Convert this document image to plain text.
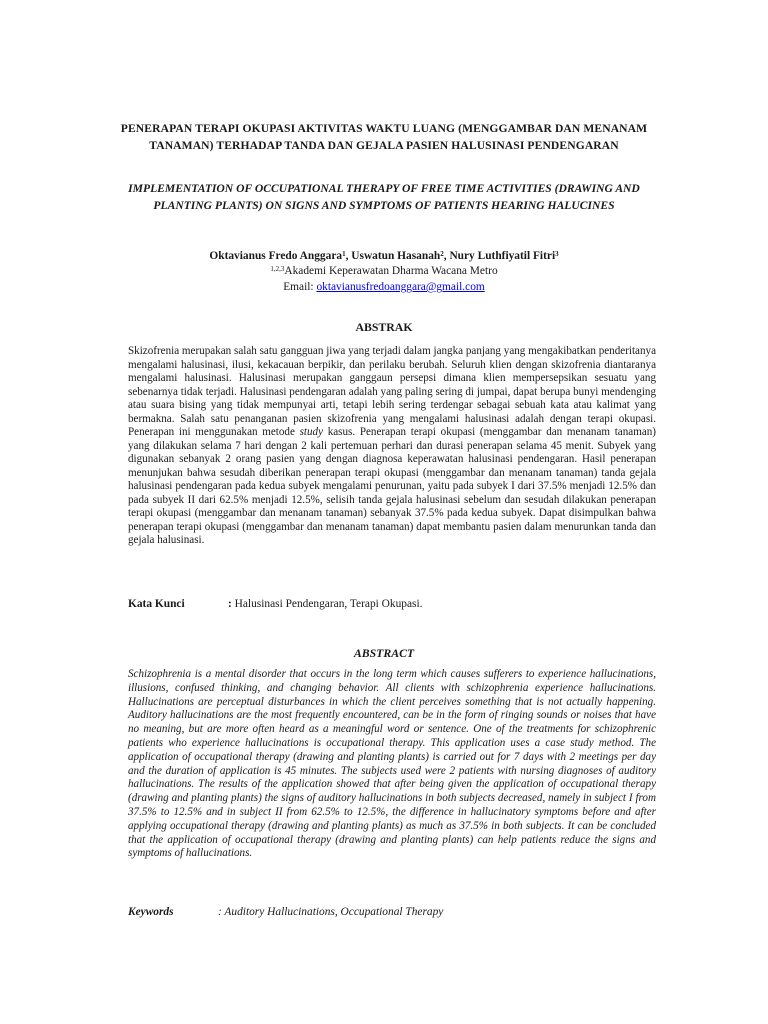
PENERAPAN TERAPI OKUPASI AKTIVITAS WAKTU LUANG (MENGGAMBAR DAN MENANAM TANAMAN) TERHADAP TANDA DAN GEJALA PASIEN HALUSINASI PENDENGARAN
IMPLEMENTATION OF OCCUPATIONAL THERAPY OF FREE TIME ACTIVITIES (DRAWING AND PLANTING PLANTS) ON SIGNS AND SYMPTOMS OF PATIENTS HEARING HALUCINES
Oktavianus Fredo Anggara$^1$, Uswatun Hasanah$^2$, Nury Luthfiyatil Fitri$^3$
$^{1,2,3}$Akademi Keperawatan Dharma Wacana Metro
Email: oktavianusfredoanggara@gmail.com
ABSTRAK
Skizofrenia merupakan salah satu gangguan jiwa yang terjadi dalam jangka panjang yang mengakibatkan penderitanya mengalami halusinasi, ilusi, kekacauan berpikir, dan perilaku berubah. Seluruh klien dengan skizofrenia diantaranya mengalami halusinasi. Halusinasi merupakan ganggaun persepsi dimana klien mempersepsikan sesuatu yang sebenarnya tidak terjadi. Halusinasi pendengaran adalah yang paling sering di jumpai, dapat berupa bunyi mendenging atau suara bising yang tidak mempunyai arti, tetapi lebih sering terdengar sebagai sebuah kata atau kalimat yang bermakna. Salah satu penanganan pasien skizofrenia yang mengalami halusinasi adalah dengan terapi okupasi. Penerapan ini menggunakan metode study kasus. Penerapan terapi okupasi (menggambar dan menanam tanaman) yang dilakukan selama 7 hari dengan 2 kali pertemuan perhari dan durasi penerapan selama 45 menit. Subyek yang digunakan sebanyak 2 orang pasien yang dengan diagnosa keperawatan halusinasi pendengaran. Hasil penerapan menunjukan bahwa sesudah diberikan penerapan terapi okupasi (menggambar dan menanam tanaman) tanda gejala halusinasi pendengaran pada kedua subyek mengalami penurunan, yaitu pada subyek I dari 37.5% menjadi 12.5% dan pada subyek II dari 62.5% menjadi 12.5%, selisih tanda gejala halusinasi sebelum dan sesudah dilakukan penerapan terapi okupasi (menggambar dan menanam tanaman) sebanyak 37.5% pada kedua subyek. Dapat disimpulkan bahwa penerapan terapi okupasi (menggambar dan menanam tanaman) dapat membantu pasien dalam menurunkan tanda dan gejala halusinasi.
Kata Kunci	: Halusinasi Pendengaran, Terapi Okupasi.
ABSTRACT
Schizophrenia is a mental disorder that occurs in the long term which causes sufferers to experience hallucinations, illusions, confused thinking, and changing behavior. All clients with schizophrenia experience hallucinations. Hallucinations are perceptual disturbances in which the client perceives something that is not actually happening. Auditory hallucinations are the most frequently encountered, can be in the form of ringing sounds or noises that have no meaning, but are more often heard as a meaningful word or sentence. One of the treatments for schizophrenic patients who experience hallucinations is occupational therapy. This application uses a case study method. The application of occupational therapy (drawing and planting plants) is carried out for 7 days with 2 meetings per day and the duration of application is 45 minutes. The subjects used were 2 patients with nursing diagnoses of auditory hallucinations. The results of the application showed that after being given the application of occupational therapy (drawing and planting plants) the signs of auditory hallucinations in both subjects decreased, namely in subject I from 37.5% to 12.5% and in subject II from 62.5% to 12.5%, the difference in hallucinatory symptoms before and after applying occupational therapy (drawing and planting plants) as much as 37.5% in both subjects. It can be concluded that the application of occupational therapy (drawing and planting plants) can help patients reduce the signs and symptoms of hallucinations.
Keywords	: Auditory Hallucinations, Occupational Therapy
